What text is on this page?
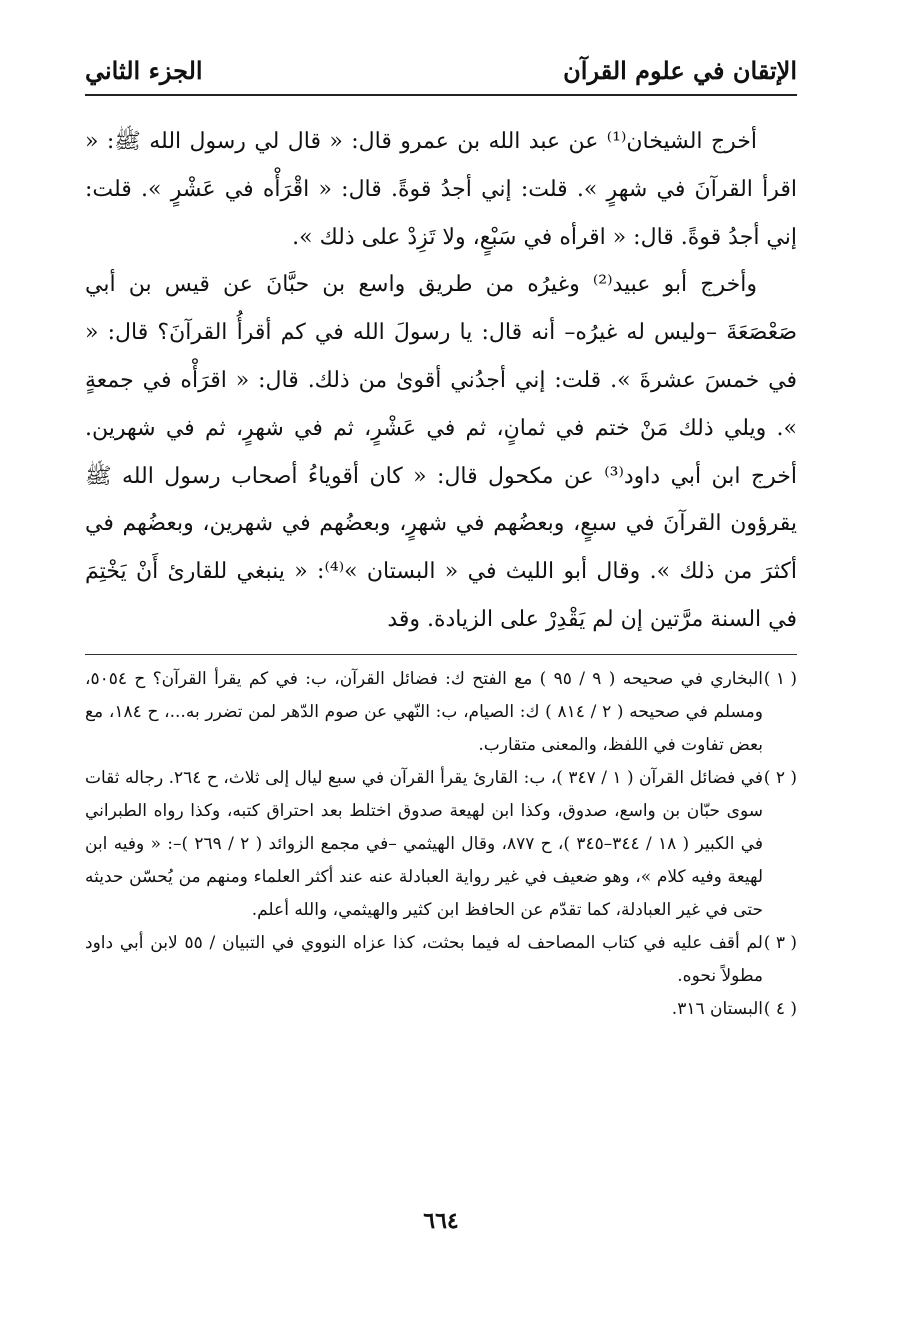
الإتقان في علوم القرآن
الجزء الثاني

أخرج الشيخان⁽¹⁾ عن عبد الله بن عمرو قال: « قال لي رسول الله ﷺ: « اقرأ القرآنَ في شهرٍ ». قلت: إني أجدُ قوةً. قال: « اقْرَأْه في عَشْرٍ ». قلت: إني أجدُ قوةً. قال: « اقرأه في سَبْعٍ، ولا تَزِدْ على ذلك ».

وأخرج أبو عبيد⁽²⁾ وغيرُه من طريق واسع بن حبَّانَ عن قيس بن أبي صَعْصَعَةَ –وليس له غيرُه– أنه قال: يا رسولَ الله في كم أقرأُ القرآنَ؟ قال: « في خمسَ عشرةَ ». قلت: إني أجدُني أقوىٰ من ذلك. قال: « اقرَأْه في جمعةٍ ». ويلي ذلك مَنْ ختم في ثمانٍ، ثم في عَشْرٍ، ثم في شهرٍ، ثم في شهرين. أخرج ابن أبي داود⁽³⁾ عن مكحول قال: « كان أقوياءُ أصحاب رسول الله ﷺ يقرؤون القرآنَ في سبعٍ، وبعضُهم في شهرٍ، وبعضُهم في شهرين، وبعضُهم في أكثرَ من ذلك ». وقال أبو الليث في « البستان »⁽⁴⁾: « ينبغي للقارئ أَنْ يَخْتِمَ في السنة مرَّتين إن لم يَقْدِرْ على الزيادة. وقد

( ١ )
البخاري في صحيحه ( ٩ / ٩٥ ) مع الفتح ك: فضائل القرآن، ب: في كم يقرأ القرآن؟ ح ٥٠٥٤، ومسلم في صحيحه ( ٢ / ٨١٤ ) ك: الصيام، ب: النّهي عن صوم الدّهر لمن تضرر به...، ح ١٨٤، مع بعض تفاوت في اللفظ، والمعنى متقارب.
( ٢ )
في فضائل القرآن ( ١ / ٣٤٧ )، ب: القارئ يقرأ القرآن في سبع ليال إلى ثلاث، ح ٢٦٤. رجاله ثقات سوى حبّان بن واسع، صدوق، وكذا ابن لهيعة صدوق اختلط بعد احتراق كتبه، وكذا رواه الطبراني في الكبير ( ١٨ / ٣٤٤–٣٤٥ )، ح ٨٧٧، وقال الهيثمي –في مجمع الزوائد ( ٢ / ٢٦٩ )–: « وفيه ابن لهيعة وفيه كلام »، وهو ضعيف في غير رواية العبادلة عنه عند أكثر العلماء ومنهم من يُحسّن حديثه حتى في غير العبادلة، كما تقدّم عن الحافظ ابن كثير والهيثمي، والله أعلم.
( ٣ )
لم أقف عليه في كتاب المصاحف له فيما بحثت، كذا عزاه النووي في التبيان / ٥٥ لابن أبي داود مطولاً نحوه.
( ٤ )
البستان ٣١٦.

٦٦٤
